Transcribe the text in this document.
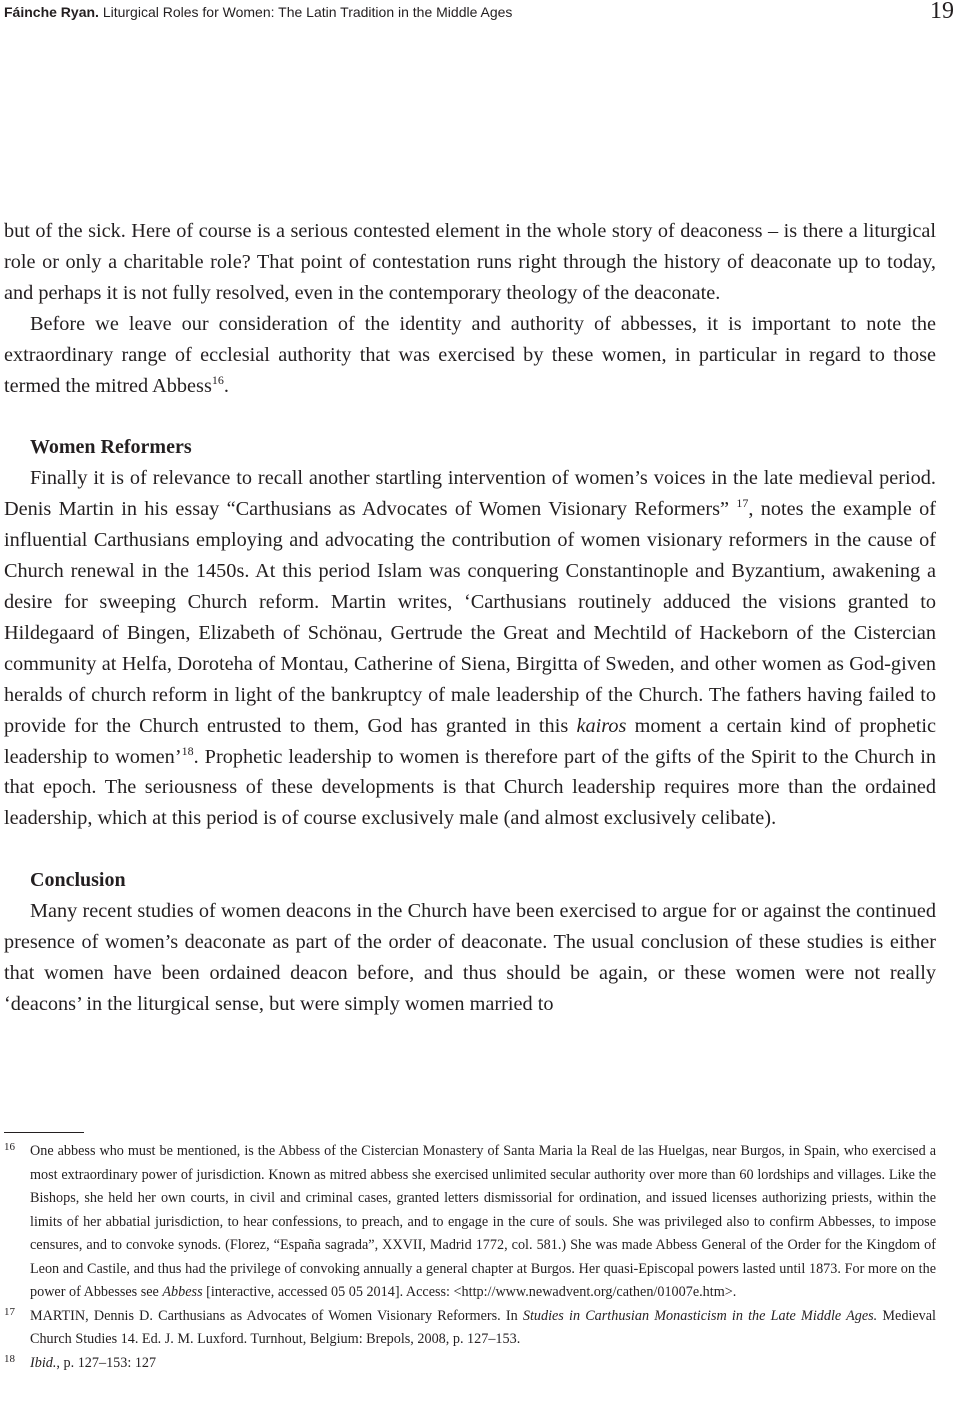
Fáinche Ryan. Liturgical Roles for Women: The Latin Tradition in the Middle Ages	19

but of the sick. Here of course is a serious contested element in the whole story of deaconess – is there a liturgical role or only a charitable role? That point of contestation runs right through the history of deaconate up to today, and perhaps it is not fully resolved, even in the contemporary theology of the deaconate.

Before we leave our consideration of the identity and authority of abbesses, it is important to note the extraordinary range of ecclesial authority that was exercised by these women, in particular in regard to those termed the mitred Abbess$^{16}$.

Women Reformers

Finally it is of relevance to recall another startling intervention of women’s voices in the late medieval period. Denis Martin in his essay “Carthusians as Advocates of Women Visionary Reformers” $^{17}$, notes the example of influential Carthusians employing and advocating the contribution of women visionary reformers in the cause of Church renewal in the 1450s. At this period Islam was conquering Constantinople and Byzantium, awakening a desire for sweeping Church reform. Martin writes, ‘Carthusians routinely adduced the visions granted to Hildegaard of Bingen, Elizabeth of Schönau, Gertrude the Great and Mechtild of Hackeborn of the Cistercian community at Helfa, Doroteha of Montau, Catherine of Siena, Birgitta of Sweden, and other women as God-given heralds of church reform in light of the bankruptcy of male leadership of the Church. The fathers having failed to provide for the Church entrusted to them, God has granted in this kairos moment a certain kind of prophetic leadership to women’$^{18}$. Prophetic leadership to women is therefore part of the gifts of the Spirit to the Church in that epoch. The seriousness of these developments is that Church leadership requires more than the ordained leadership, which at this period is of course exclusively male (and almost exclusively celibate).

Conclusion

Many recent studies of women deacons in the Church have been exercised to argue for or against the continued presence of women’s deaconate as part of the order of deaconate. The usual conclusion of these studies is either that women have been ordained deacon before, and thus should be again, or these women were not really ‘deacons’ in the liturgical sense, but were simply women married to

16 One abbess who must be mentioned, is the Abbess of the Cistercian Monastery of Santa Maria la Real de las Huelgas, near Burgos, in Spain, who exercised a most extraordinary power of jurisdiction. Known as mitred abbess she exercised unlimited secular authority over more than 60 lordships and villages. Like the Bishops, she held her own courts, in civil and criminal cases, granted letters dismissorial for ordination, and issued licenses authorizing priests, within the limits of her abbatial jurisdiction, to hear confessions, to preach, and to engage in the cure of souls. She was privileged also to confirm Abbesses, to impose censures, and to convoke synods. (Florez, “España sagrada”, XXVII, Madrid 1772, col. 581.) She was made Abbess General of the Order for the Kingdom of Leon and Castile, and thus had the privilege of convoking annually a general chapter at Burgos. Her quasi-Episcopal powers lasted until 1873. For more on the power of Abbesses see Abbess [interactive, accessed 05 05 2014]. Access: <http://www.newadvent.org/cathen/01007e.htm>.
17 MARTIN, Dennis D. Carthusians as Advocates of Women Visionary Reformers. In Studies in Carthusian Monasticism in the Late Middle Ages. Medieval Church Studies 14. Ed. J. M. Luxford. Turnhout, Belgium: Brepols, 2008, p. 127–153.
18 Ibid., p. 127–153: 127
